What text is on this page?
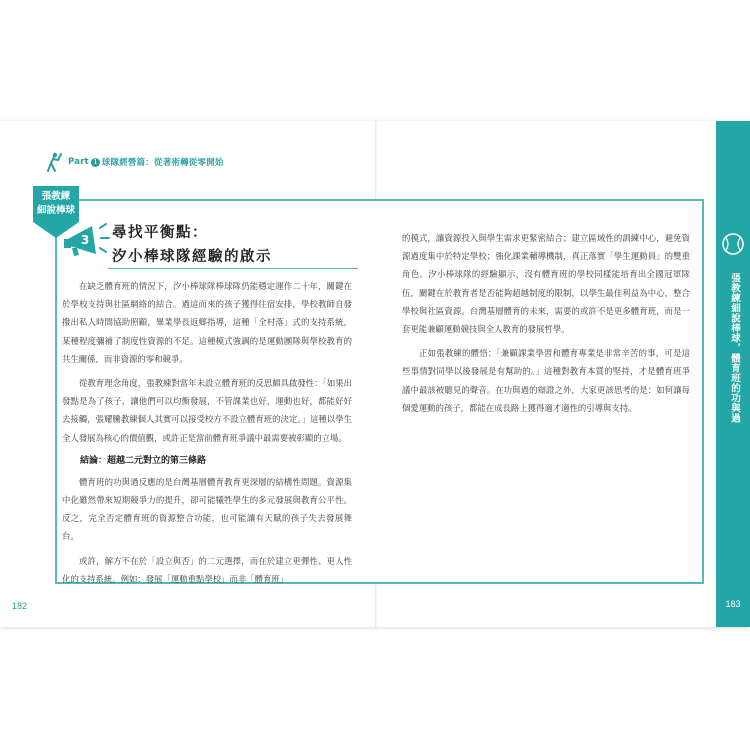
Part 1 球隊經營篇：從著術轉從零開始
張教練
細說棒球
3 尋找平衡點：
汐小棒球隊經驗的啟示

在缺乏體育班的情況下，汐小棒球隊棒球隊仍能穩定運作二十年，關鍵在於學校支持與社區網絡的結合。過這而來的孩子獲得往宿安排，學校教師自發撥出私人時間協助照顧，畢業學長返鄉指導，這種「全村落」式的支持系統，某種程度彌補了制度性資源的不足。這種模式強調的是運動團隊與學校教育的共生關係，而非資源的零和競爭。

從教育理念角度，張教練對當年未設立體育班的反思頗具啟發性：「如果出發點是為了孩子，讓他們可以均衡發展，不管課業也好，運動也好，都能好好去接觸，張耀騰教練個人其實可以接受校方不設立體育班的決定。」這種以學生全人發展為核心的價值觀，或許正是當前體育班爭議中最需要被彰顯的立場。

結論：超越二元對立的第三條路

體育班的功與過反應的是台灣基層體育教育更深層的結構性問題。資源集中化雖然帶來短期競爭力的提升，卻可能犧牲學生的多元發展與教育公平性。反之，完全否定體育班的資源整合功能，也可能讓有天賦的孩子失去發展舞台。

或許，解方不在於「設立與否」的二元選擇，而在於建立更彈性、更人性化的支持系統。例如：發展「運動重點學校」而非「體育班」

的模式，讓資源投入與學生需求更緊密結合；建立區域性的訓練中心，避免資源過度集中於特定學校；強化課業輔導機制，真正落實「學生運動員」的雙重角色。汐小棒球隊的經驗顯示，沒有體育班的學校同樣能培育出全國冠軍隊伍，關鍵在於教育者是否能夠超越制度的限制，以學生最佳利益為中心，整合學校與社區資源。台灣基層體育的未來，需要的或許不是更多體育班，而是一套更能兼顧運動競技與全人教育的發展哲學。

正如張教練的體悟：「兼顧課業學習和體育專業是非常辛苦的事，可是這些事情對同學以後發展是有幫助的。」這種對教育本質的堅持，才是體育班爭議中最該被聽見的聲音。在功與過的辯證之外，大家更該思考的是：如何讓每個愛運動的孩子，都能在成長路上獲得適才適性的引導與支持。

182
張教練細說棒球，體育班的功與過
183
